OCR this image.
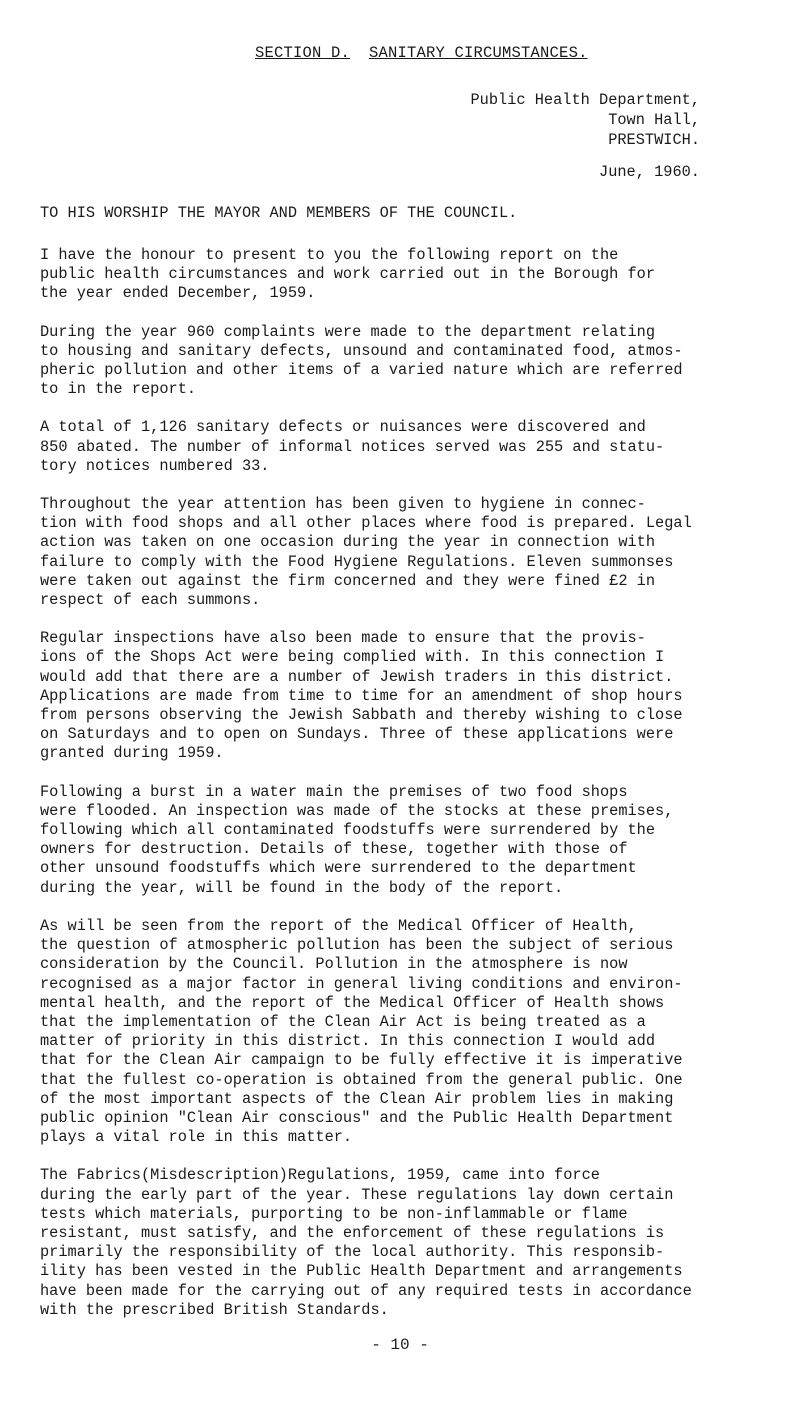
SECTION D. SANITARY CIRCUMSTANCES.
Public Health Department,
Town Hall,
PRESTWICH.
June, 1960.
TO HIS WORSHIP THE MAYOR AND MEMBERS OF THE COUNCIL.

I have the honour to present to you the following report on the
public health circumstances and work carried out in the Borough for
the year ended December, 1959.

During the year 960 complaints were made to the department relating
to housing and sanitary defects, unsound and contaminated food, atmos-
pheric pollution and other items of a varied nature which are referred
to in the report.

A total of 1,126 sanitary defects or nuisances were discovered and
850 abated. The number of informal notices served was 255 and statu-
tory notices numbered 33.

Throughout the year attention has been given to hygiene in connec-
tion with food shops and all other places where food is prepared. Legal
action was taken on one occasion during the year in connection with
failure to comply with the Food Hygiene Regulations. Eleven summonses
were taken out against the firm concerned and they were fined £2 in
respect of each summons.

Regular inspections have also been made to ensure that the provis-
ions of the Shops Act were being complied with. In this connection I
would add that there are a number of Jewish traders in this district.
Applications are made from time to time for an amendment of shop hours
from persons observing the Jewish Sabbath and thereby wishing to close
on Saturdays and to open on Sundays. Three of these applications were
granted during 1959.

Following a burst in a water main the premises of two food shops
were flooded. An inspection was made of the stocks at these premises,
following which all contaminated foodstuffs were surrendered by the
owners for destruction. Details of these, together with those of
other unsound foodstuffs which were surrendered to the department
during the year, will be found in the body of the report.

As will be seen from the report of the Medical Officer of Health,
the question of atmospheric pollution has been the subject of serious
consideration by the Council. Pollution in the atmosphere is now
recognised as a major factor in general living conditions and environ-
mental health, and the report of the Medical Officer of Health shows
that the implementation of the Clean Air Act is being treated as a
matter of priority in this district. In this connection I would add
that for the Clean Air campaign to be fully effective it is imperative
that the fullest co-operation is obtained from the general public. One
of the most important aspects of the Clean Air problem lies in making
public opinion "Clean Air conscious" and the Public Health Department
plays a vital role in this matter.

The Fabrics(Misdescription)Regulations, 1959, came into force
during the early part of the year. These regulations lay down certain
tests which materials, purporting to be non-inflammable or flame
resistant, must satisfy, and the enforcement of these regulations is
primarily the responsibility of the local authority. This responsib-
ility has been vested in the Public Health Department and arrangements
have been made for the carrying out of any required tests in accordance
with the prescribed British Standards.

- 10 -
